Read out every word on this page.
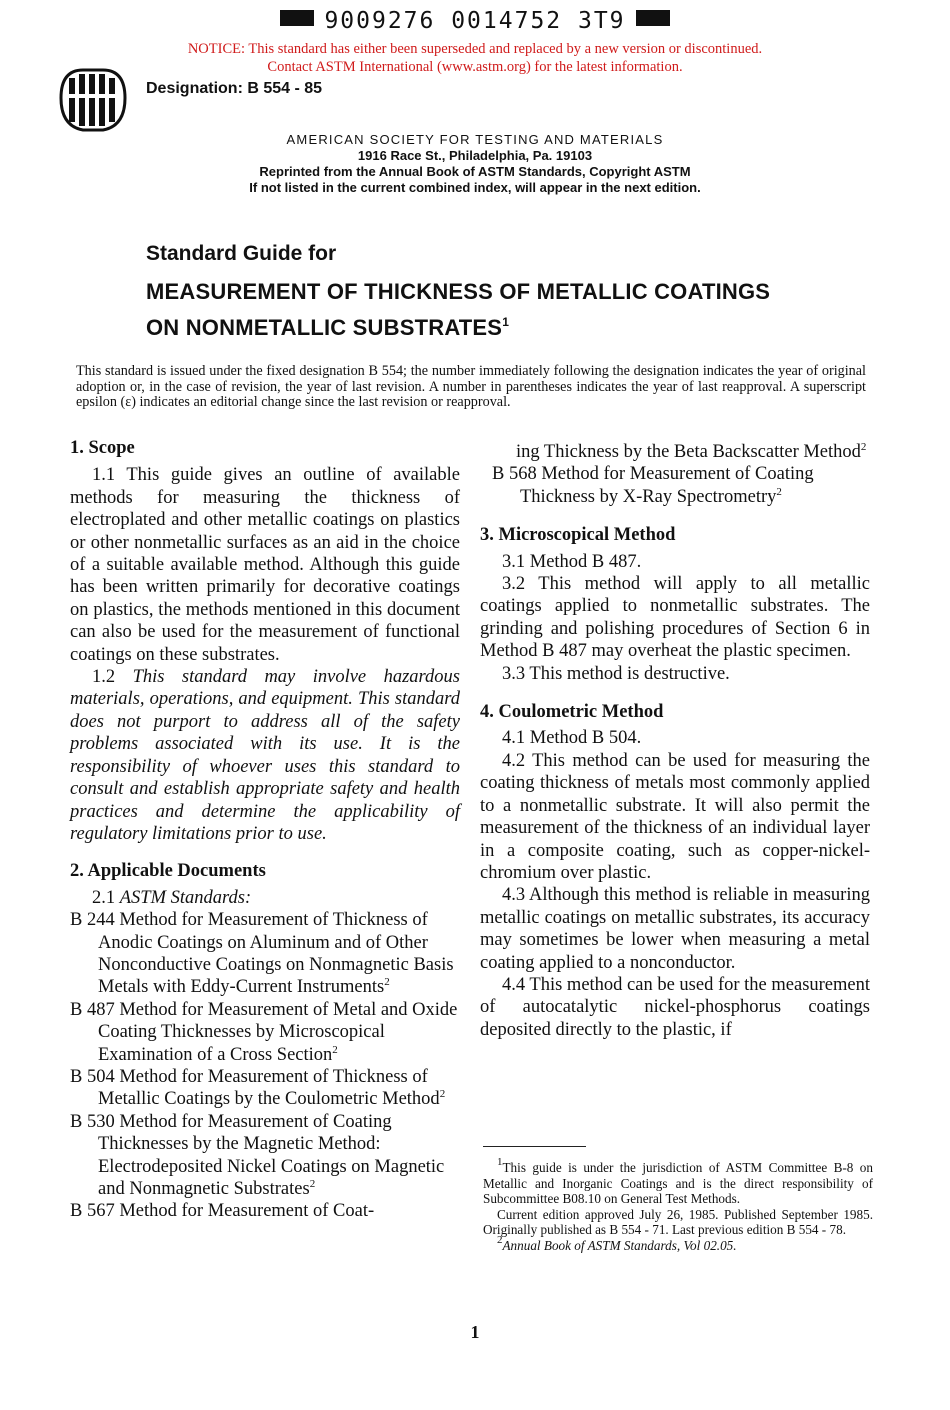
9009276 0014752 3T9
NOTICE: This standard has either been superseded and replaced by a new version or discontinued.
Contact ASTM International (www.astm.org) for the latest information.
Designation: B 554 - 85
AMERICAN SOCIETY FOR TESTING AND MATERIALS
1916 Race St., Philadelphia, Pa. 19103
Reprinted from the Annual Book of ASTM Standards, Copyright ASTM
If not listed in the current combined index, will appear in the next edition.
Standard Guide for
MEASUREMENT OF THICKNESS OF METALLIC COATINGS
ON NONMETALLIC SUBSTRATES$^1$
This standard is issued under the fixed designation B 554; the number immediately following the designation indicates the year of original adoption or, in the case of revision, the year of last revision. A number in parentheses indicates the year of last reapproval. A superscript epsilon (ε) indicates an editorial change since the last revision or reapproval.

1. Scope

1.1 This guide gives an outline of available methods for measuring the thickness of electroplated and other metallic coatings on plastics or other nonmetallic surfaces as an aid in the choice of a suitable available method. Although this guide has been written primarily for decorative coatings on plastics, the methods mentioned in this document can also be used for the measurement of functional coatings on these substrates.

1.2 This standard may involve hazardous materials, operations, and equipment. This standard does not purport to address all of the safety problems associated with its use. It is the responsibility of whoever uses this standard to consult and establish appropriate safety and health practices and determine the applicability of regulatory limitations prior to use.

2. Applicable Documents

2.1 ASTM Standards:

B 244 Method for Measurement of Thickness of Anodic Coatings on Aluminum and of Other Nonconductive Coatings on Nonmagnetic Basis Metals with Eddy-Current Instruments$^2$

B 487 Method for Measurement of Metal and Oxide Coating Thicknesses by Microscopical Examination of a Cross Section$^2$

B 504 Method for Measurement of Thickness of Metallic Coatings by the Coulometric Method$^2$

B 530 Method for Measurement of Coating Thicknesses by the Magnetic Method: Electrodeposited Nickel Coatings on Magnetic and Nonmagnetic Substrates$^2$

B 567 Method for Measurement of Coat-

ing Thickness by the Beta Backscatter Method$^2$

B 568 Method for Measurement of Coating Thickness by X-Ray Spectrometry$^2$

3. Microscopical Method

3.1 Method B 487.

3.2 This method will apply to all metallic coatings applied to nonmetallic substrates. The grinding and polishing procedures of Section 6 in Method B 487 may overheat the plastic specimen.

3.3 This method is destructive.

4. Coulometric Method

4.1 Method B 504.

4.2 This method can be used for measuring the coating thickness of metals most commonly applied to a nonmetallic substrate. It will also permit the measurement of the thickness of an individual layer in a composite coating, such as copper-nickel-chromium over plastic.

4.3 Although this method is reliable in measuring metallic coatings on metallic substrates, its accuracy may sometimes be lower when measuring a metal coating applied to a nonconductor.

4.4 This method can be used for the measurement of autocatalytic nickel-phosphorus coatings deposited directly to the plastic, if

$^1$This guide is under the jurisdiction of ASTM Committee B-8 on Metallic and Inorganic Coatings and is the direct responsibility of Subcommittee B08.10 on General Test Methods.

Current edition approved July 26, 1985. Published September 1985. Originally published as B 554 - 71. Last previous edition B 554 - 78.

$^2$Annual Book of ASTM Standards, Vol 02.05.

1
